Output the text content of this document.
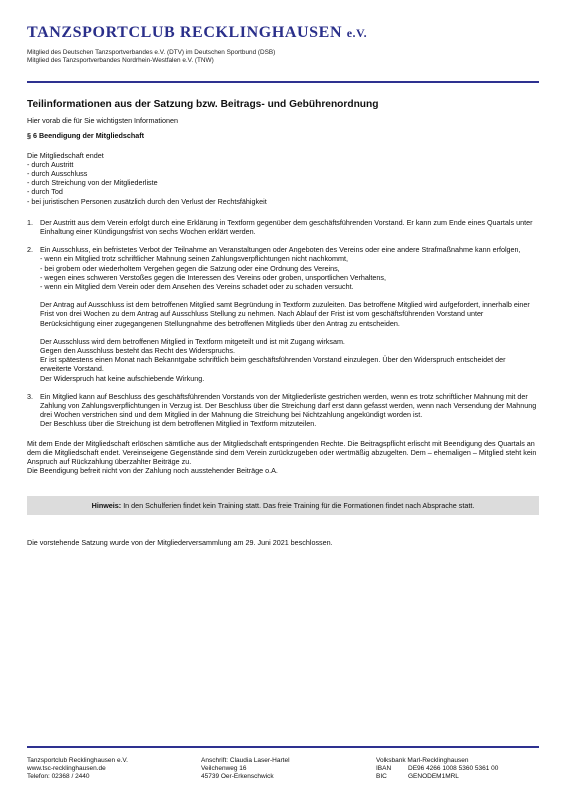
TANZSPORTCLUB RECKLINGHAUSEN e.V.
Mitglied des Deutschen Tanzsportverbandes e.V. (DTV) im Deutschen Sportbund (DSB)
Mitglied des Tanzsportverbandes Nordrhein-Westfalen e.V. (TNW)
Teilinformationen aus der Satzung bzw. Beitrags- und Gebührenordnung
Hier vorab die für Sie wichtigsten Informationen
§ 6 Beendigung der Mitgliedschaft
Die Mitgliedschaft endet
- durch Austritt
- durch Ausschluss
- durch Streichung von der Mitgliederliste
- durch Tod
- bei juristischen Personen zusätzlich durch den Verlust der Rechtsfähigkeit
1. Der Austritt aus dem Verein erfolgt durch eine Erklärung in Textform gegenüber dem geschäftsführenden Vorstand. Er kann zum Ende eines Quartals unter Einhaltung einer Kündigungsfrist von sechs Wochen erklärt werden.
2. Ein Ausschluss, ein befristetes Verbot der Teilnahme an Veranstaltungen oder Angeboten des Vereins oder eine andere Strafmaßnahme kann erfolgen,
- wenn ein Mitglied trotz schriftlicher Mahnung seinen Zahlungsverpflichtungen nicht nachkommt,
- bei grobem oder wiederholtem Vergehen gegen die Satzung oder eine Ordnung des Vereins,
- wegen eines schweren Verstoßes gegen die Interessen des Vereins oder groben, unsportlichen Verhaltens,
- wenn ein Mitglied dem Verein oder dem Ansehen des Vereins schadet oder zu schaden versucht.
Der Antrag auf Ausschluss ist dem betroffenen Mitglied samt Begründung in Textform zuzuleiten. Das betroffene Mitglied wird aufgefordert, innerhalb einer Frist von drei Wochen zu dem Antrag auf Ausschluss Stellung zu nehmen. Nach Ablauf der Frist ist vom geschäftsführenden Vorstand unter Berücksichtigung einer zugegangenen Stellungnahme des betroffenen Mitglieds über den Antrag zu entscheiden.
Der Ausschluss wird dem betroffenen Mitglied in Textform mitgeteilt und ist mit Zugang wirksam.
Gegen den Ausschluss besteht das Recht des Widerspruchs.
Er ist spätestens einen Monat nach Bekanntgabe schriftlich beim geschäftsführenden Vorstand einzulegen. Über den Widerspruch entscheidet der erweiterte Vorstand.
Der Widerspruch hat keine aufschiebende Wirkung.
3. Ein Mitglied kann auf Beschluss des geschäftsführenden Vorstands von der Mitgliederliste gestrichen werden, wenn es trotz schriftlicher Mahnung mit der Zahlung von Zahlungsverpflichtungen in Verzug ist. Der Beschluss über die Streichung darf erst dann gefasst werden, wenn nach Versendung der Mahnung drei Wochen verstrichen sind und dem Mitglied in der Mahnung die Streichung bei Nichtzahlung angekündigt worden ist.
Der Beschluss über die Streichung ist dem betroffenen Mitglied in Textform mitzuteilen.
Mit dem Ende der Mitgliedschaft erlöschen sämtliche aus der Mitgliedschaft entspringenden Rechte. Die Beitragspflicht erlischt mit Beendigung des Quartals an dem die Mitgliedschaft endet. Vereinseigene Gegenstände sind dem Verein zurückzugeben oder wertmäßig abzugelten. Dem – ehemaligen – Mitglied steht kein Anspruch auf Rückzahlung überzahlter Beiträge zu.
Die Beendigung befreit nicht von der Zahlung noch ausstehender Beiträge o.A.
Hinweis: In den Schulferien findet kein Training statt. Das freie Training für die Formationen findet nach Absprache statt.
Die vorstehende Satzung wurde von der Mitgliederversammlung am 29. Juni 2021 beschlossen.
Tanzsportclub Recklinghausen e.V.
www.tsc-recklinghausen.de
Telefon: 02368 / 2440
Anschrift: Claudia Laser-Hartel
Veilchenweg 16
45739 Oer-Erkenschwick
Volksbank Marl-Recklinghausen
IBAN	DE96 4266 1008 5360 5361 00
BIC	GENODEM1MRL
